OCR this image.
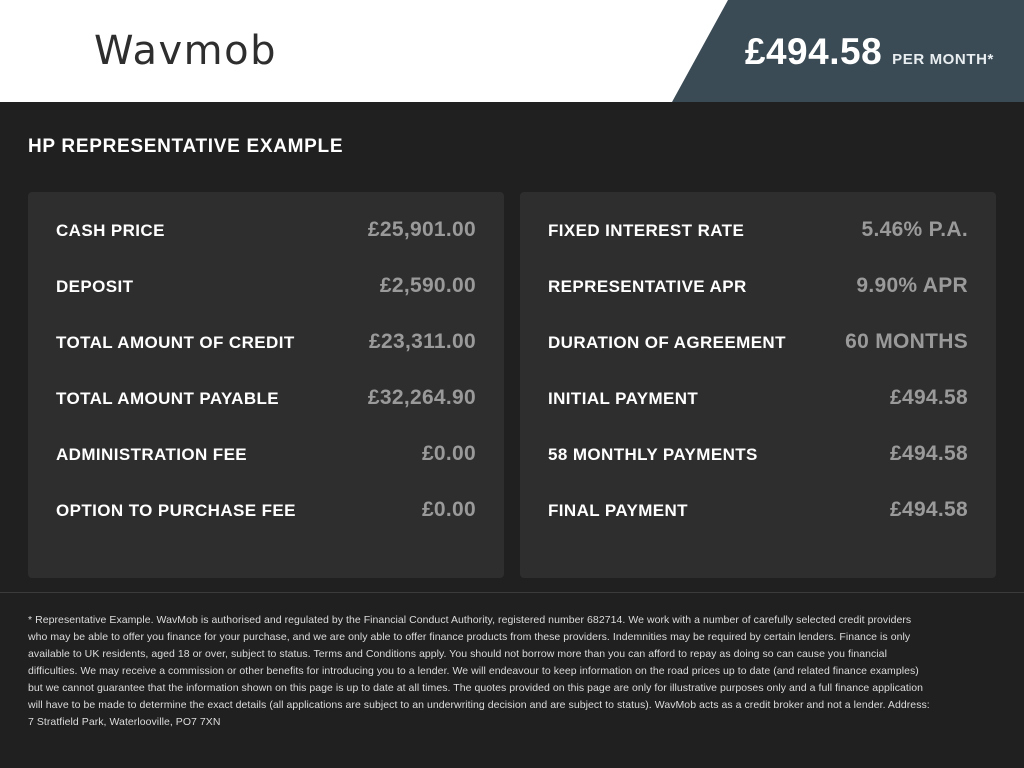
Wavmob	£494.58 PER MONTH*
HP REPRESENTATIVE EXAMPLE
CASH PRICE	£25,901.00
DEPOSIT	£2,590.00
TOTAL AMOUNT OF CREDIT	£23,311.00
TOTAL AMOUNT PAYABLE	£32,264.90
ADMINISTRATION FEE	£0.00
OPTION TO PURCHASE FEE	£0.00
FIXED INTEREST RATE	5.46% P.A.
REPRESENTATIVE APR	9.90% APR
DURATION OF AGREEMENT	60 MONTHS
INITIAL PAYMENT	£494.58
58 MONTHLY PAYMENTS	£494.58
FINAL PAYMENT	£494.58
* Representative Example. WavMob is authorised and regulated by the Financial Conduct Authority, registered number 682714. We work with a number of carefully selected credit providers who may be able to offer you finance for your purchase, and we are only able to offer finance products from these providers. Indemnities may be required by certain lenders. Finance is only available to UK residents, aged 18 or over, subject to status. Terms and Conditions apply. You should not borrow more than you can afford to repay as doing so can cause you financial difficulties. We may receive a commission or other benefits for introducing you to a lender. We will endeavour to keep information on the road prices up to date (and related finance examples) but we cannot guarantee that the information shown on this page is up to date at all times. The quotes provided on this page are only for illustrative purposes only and a full finance application will have to be made to determine the exact details (all applications are subject to an underwriting decision and are subject to status). WavMob acts as a credit broker and not a lender. Address: 7 Stratfield Park, Waterlooville, PO7 7XN
